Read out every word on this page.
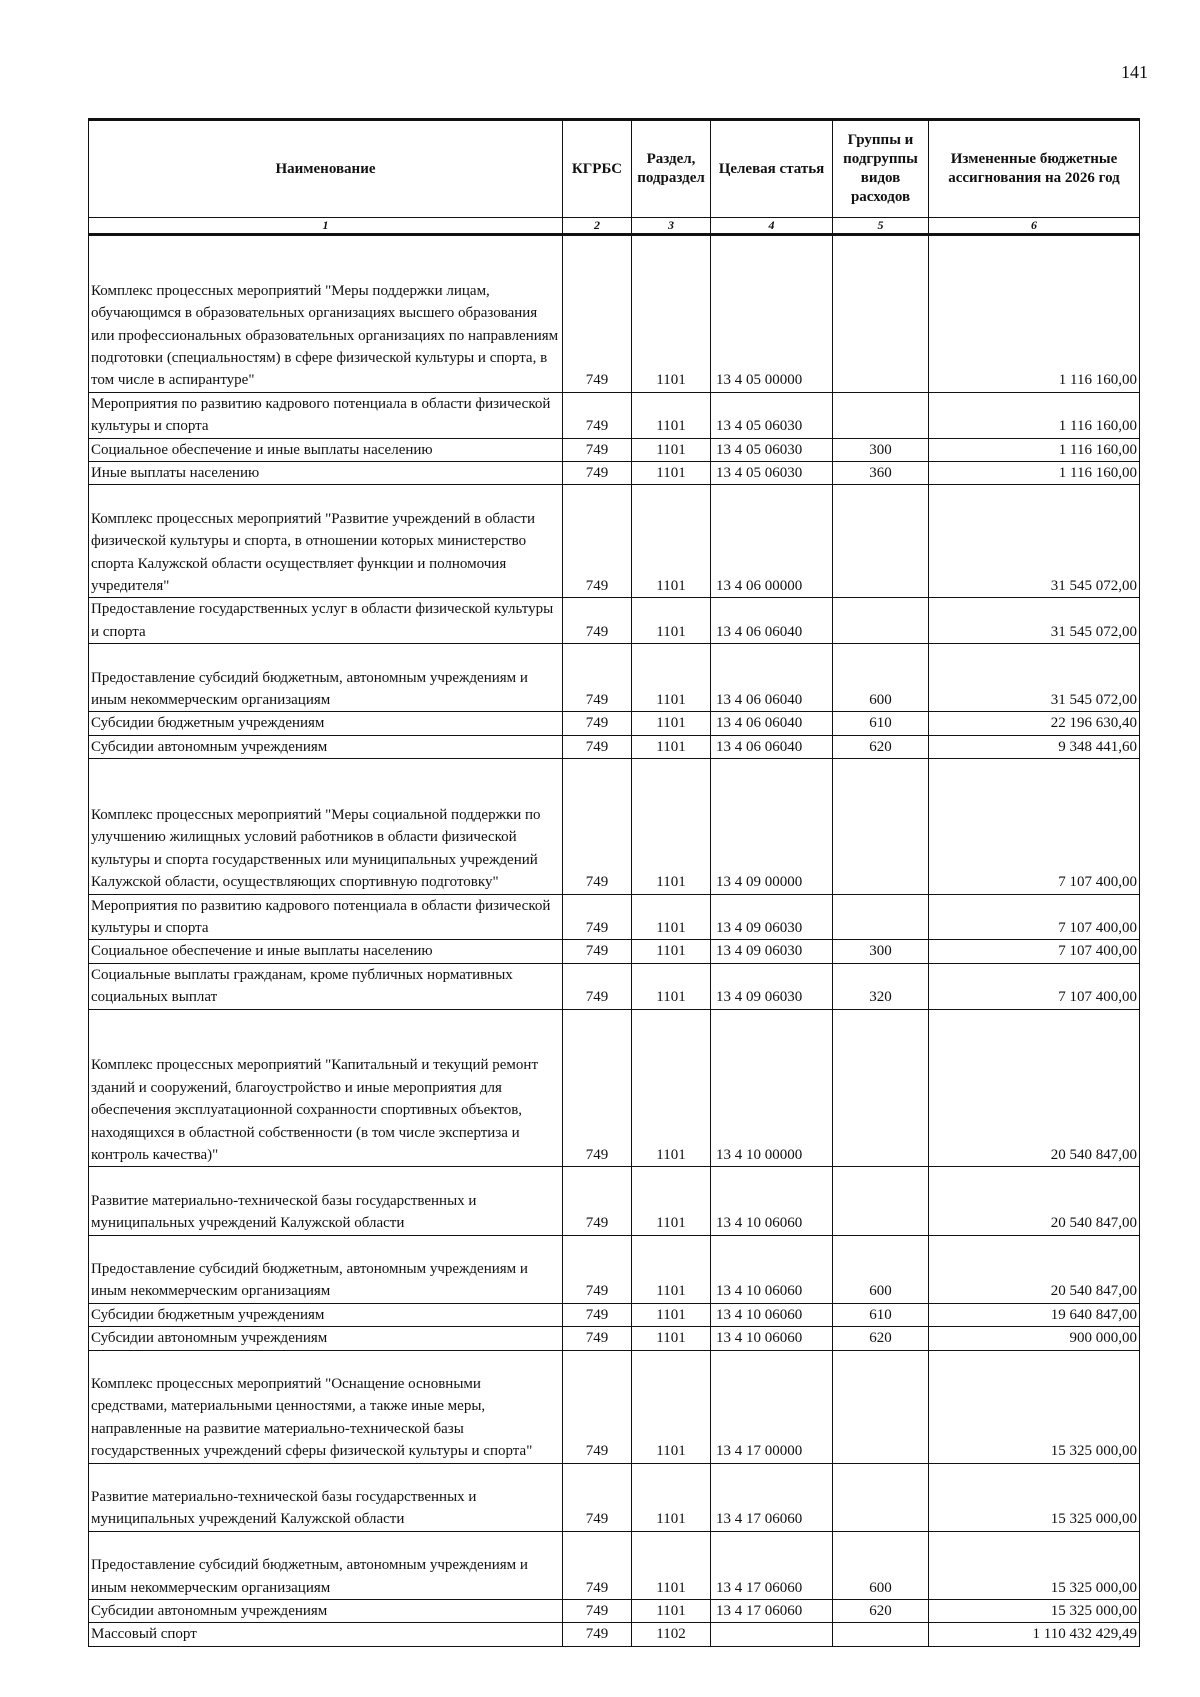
141
Наименование	КГРБС	Раздел, подраздел	Целевая статья	Группы и подгруппы видов расходов	Измененные бюджетные ассигнования на 2026 год
1	2	3	4	5	6
Комплекс процессных мероприятий "Меры поддержки лицам, обучающимся в образовательных организациях высшего образования или профессиональных образовательных организациях по направлениям подготовки (специальностям) в сфере физической культуры и спорта, в том числе в аспирантуре"	749	1101	13 4 05 00000		1 116 160,00
Мероприятия по развитию кадрового потенциала в области физической культуры и спорта	749	1101	13 4 05 06030		1 116 160,00
Социальное обеспечение и иные выплаты населению	749	1101	13 4 05 06030	300	1 116 160,00
Иные выплаты населению	749	1101	13 4 05 06030	360	1 116 160,00
Комплекс процессных мероприятий "Развитие учреждений в области физической культуры и спорта, в отношении которых министерство спорта Калужской области осуществляет функции и полномочия учредителя"	749	1101	13 4 06 00000		31 545 072,00
Предоставление государственных услуг в области физической культуры и спорта	749	1101	13 4 06 06040		31 545 072,00
Предоставление субсидий бюджетным, автономным учреждениям и иным некоммерческим организациям	749	1101	13 4 06 06040	600	31 545 072,00
Субсидии бюджетным учреждениям	749	1101	13 4 06 06040	610	22 196 630,40
Субсидии автономным учреждениям	749	1101	13 4 06 06040	620	9 348 441,60
Комплекс процессных мероприятий "Меры социальной поддержки по улучшению жилищных условий работников в области физической культуры и спорта государственных или муниципальных учреждений Калужской области, осуществляющих спортивную подготовку"	749	1101	13 4 09 00000		7 107 400,00
Мероприятия по развитию кадрового потенциала в области физической культуры и спорта	749	1101	13 4 09 06030		7 107 400,00
Социальное обеспечение и иные выплаты населению	749	1101	13 4 09 06030	300	7 107 400,00
Социальные выплаты гражданам, кроме публичных нормативных социальных выплат	749	1101	13 4 09 06030	320	7 107 400,00
Комплекс процессных мероприятий "Капитальный и текущий ремонт зданий и сооружений, благоустройство и иные мероприятия для обеспечения эксплуатационной сохранности спортивных объектов, находящихся в областной собственности (в том числе экспертиза и контроль качества)"	749	1101	13 4 10 00000		20 540 847,00
Развитие материально-технической базы государственных и муниципальных учреждений Калужской области	749	1101	13 4 10 06060		20 540 847,00
Предоставление субсидий бюджетным, автономным учреждениям и иным некоммерческим организациям	749	1101	13 4 10 06060	600	20 540 847,00
Субсидии бюджетным учреждениям	749	1101	13 4 10 06060	610	19 640 847,00
Субсидии автономным учреждениям	749	1101	13 4 10 06060	620	900 000,00
Комплекс процессных мероприятий "Оснащение основными средствами, материальными ценностями, а также иные меры, направленные на развитие материально-технической базы государственных учреждений сферы физической культуры и спорта"	749	1101	13 4 17 00000		15 325 000,00
Развитие материально-технической базы государственных и муниципальных учреждений Калужской области	749	1101	13 4 17 06060		15 325 000,00
Предоставление субсидий бюджетным, автономным учреждениям и иным некоммерческим организациям	749	1101	13 4 17 06060	600	15 325 000,00
Субсидии автономным учреждениям	749	1101	13 4 17 06060	620	15 325 000,00
Массовый спорт	749	1102			1 110 432 429,49
